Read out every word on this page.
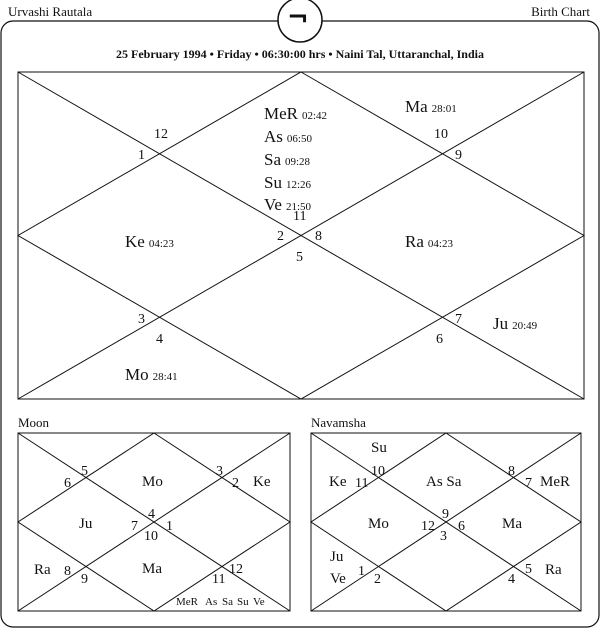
Urvashi Rautala	Birth Chart
¬
25 February 1994 • Friday • 06:30:00 hrs • Naini Tal, Uttaranchal, India
12
1
10
9
11
2 8
5
3
4
7
6
MeR 02:42
As 06:50
Sa 09:28
Su 12:26
Ve 21:50
Ma 28:01
Ke 04:23	Ra 04:23
Ju 20:49
Mo 28:41
Moon
5
6
3
2
4
7 1
10
8
9	11
12
Mo	Ke
Ju
Ra	Ma
MeR As Sa Su Ve
Navamsha
10
11
8
7
9
12 6
3
1
2	4
5
Su
Ke	As Sa	MeR
Mo	Ma
Ju
Ve
Ra
